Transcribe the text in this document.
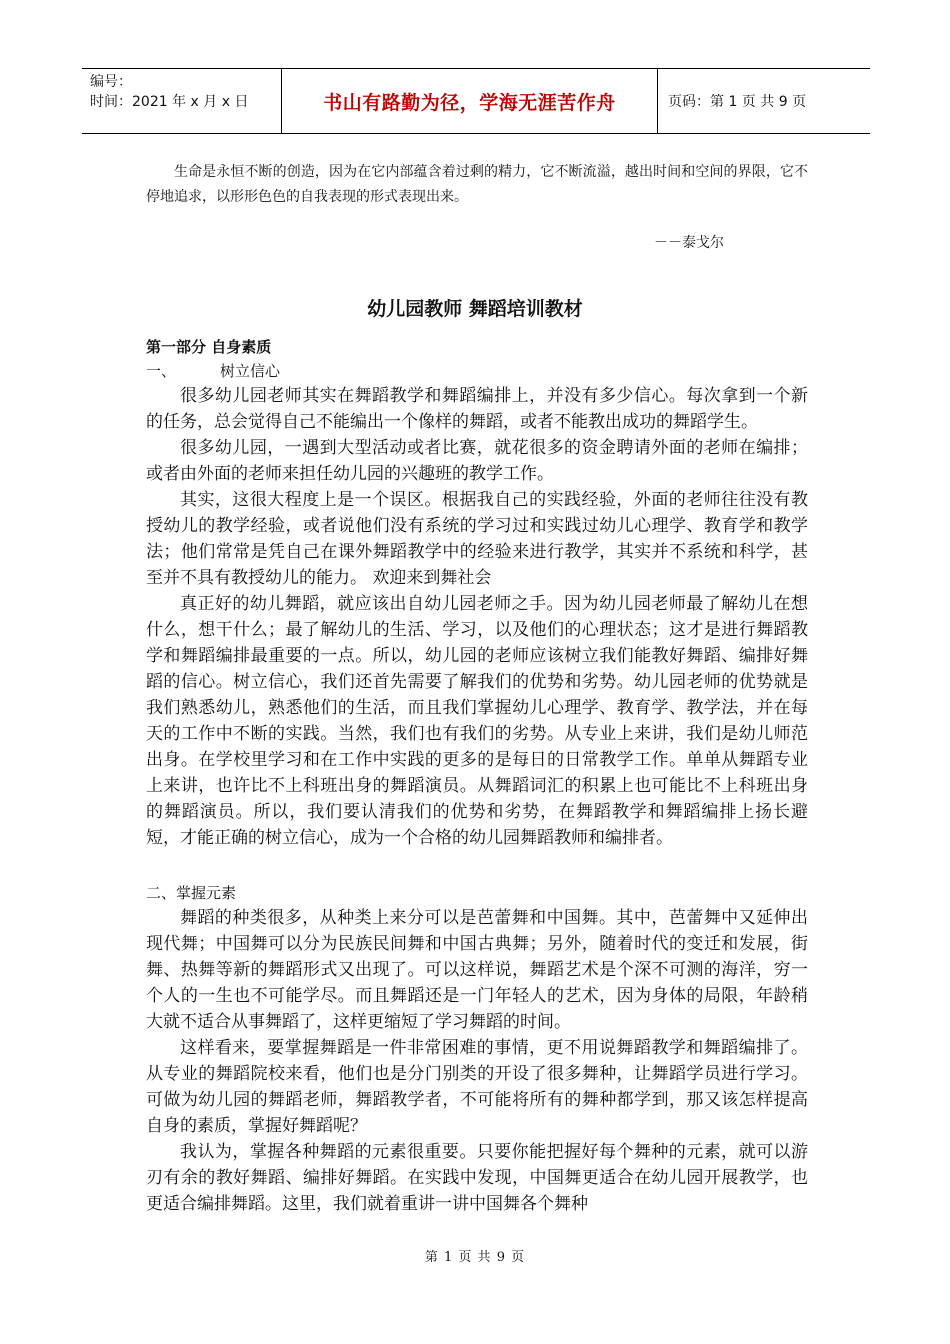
编号：
时间：2021 年 x 月 x 日	书山有路勤为径，学海无涯苦作舟	页码：第 1 页 共 9 页
生命是永恒不断的创造，因为在它内部蕴含着过剩的精力，它不断流溢，越出时间和空间的界限，它不停地追求，以形形色色的自我表现的形式表现出来。
－－泰戈尔
幼儿园教师 舞蹈培训教材
第一部分 自身素质
一、	树立信心

很多幼儿园老师其实在舞蹈教学和舞蹈编排上，并没有多少信心。每次拿到一个新的任务，总会觉得自己不能编出一个像样的舞蹈，或者不能教出成功的舞蹈学生。

很多幼儿园，一遇到大型活动或者比赛，就花很多的资金聘请外面的老师在编排；或者由外面的老师来担任幼儿园的兴趣班的教学工作。

其实，这很大程度上是一个误区。根据我自己的实践经验，外面的老师往往没有教授幼儿的教学经验，或者说他们没有系统的学习过和实践过幼儿心理学、教育学和教学法；他们常常是凭自己在课外舞蹈教学中的经验来进行教学，其实并不系统和科学，甚至并不具有教授幼儿的能力。 欢迎来到舞社会

真正好的幼儿舞蹈，就应该出自幼儿园老师之手。因为幼儿园老师最了解幼儿在想什么，想干什么；最了解幼儿的生活、学习，以及他们的心理状态；这才是进行舞蹈教学和舞蹈编排最重要的一点。所以，幼儿园的老师应该树立我们能教好舞蹈、编排好舞蹈的信心。树立信心，我们还首先需要了解我们的优势和劣势。幼儿园老师的优势就是我们熟悉幼儿，熟悉他们的生活，而且我们掌握幼儿心理学、教育学、教学法，并在每天的工作中不断的实践。当然，我们也有我们的劣势。从专业上来讲，我们是幼儿师范出身。在学校里学习和在工作中实践的更多的是每日的日常教学工作。单单从舞蹈专业上来讲，也许比不上科班出身的舞蹈演员。从舞蹈词汇的积累上也可能比不上科班出身的舞蹈演员。所以，我们要认清我们的优势和劣势，在舞蹈教学和舞蹈编排上扬长避短，才能正确的树立信心，成为一个合格的幼儿园舞蹈教师和编排者。

二、掌握元素

舞蹈的种类很多，从种类上来分可以是芭蕾舞和中国舞。其中，芭蕾舞中又延伸出现代舞；中国舞可以分为民族民间舞和中国古典舞；另外，随着时代的变迁和发展，街舞、热舞等新的舞蹈形式又出现了。可以这样说，舞蹈艺术是个深不可测的海洋，穷一个人的一生也不可能学尽。而且舞蹈还是一门年轻人的艺术，因为身体的局限，年龄稍大就不适合从事舞蹈了，这样更缩短了学习舞蹈的时间。

这样看来，要掌握舞蹈是一件非常困难的事情，更不用说舞蹈教学和舞蹈编排了。从专业的舞蹈院校来看，他们也是分门别类的开设了很多舞种，让舞蹈学员进行学习。可做为幼儿园的舞蹈老师，舞蹈教学者，不可能将所有的舞种都学到，那又该怎样提高自身的素质，掌握好舞蹈呢？

我认为，掌握各种舞蹈的元素很重要。只要你能把握好每个舞种的元素，就可以游刃有余的教好舞蹈、编排好舞蹈。在实践中发现，中国舞更适合在幼儿园开展教学，也更适合编排舞蹈。这里，我们就着重讲一讲中国舞各个舞种

第 1 页 共 9 页
